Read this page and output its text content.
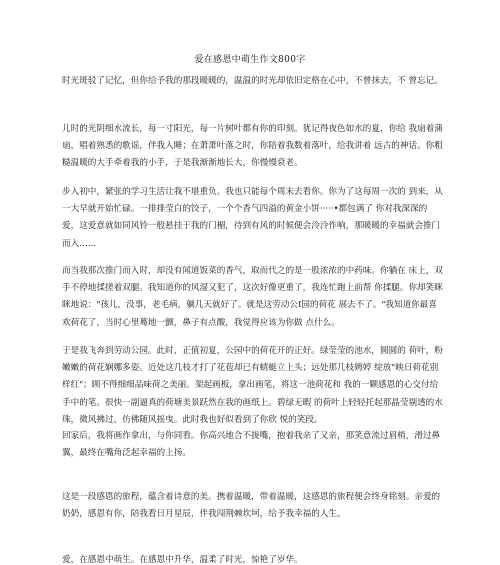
爱在感恩中萌生作文800字

时光斑驳了记忆，但你给予我的那段暖暖的，温温的时光却依旧定格在心中，不曾抹去，不 曾忘记。

儿时的光阴细水流长，每一寸阳光，每一片树叶都有你的印刻。犹记得夜色如水的夏，你给 我扇着蒲扇，唱着熟悉的歌谣，伴我入睡；在萧萧叶落之时，你陪着我数着落叶，给我讲着 远古的神话。你粗糙温暖的大手牵着我的小手，于是我渐渐地长大，你慢慢衰老。

步入初中，紧张的学习生活让我不堪重负。我也只能每个周末去看你。你为了这每周一次的 到来，从一大早就开始忙碌。一排排莹白的饺子，一个个香气四溢的黄金小饼·····•都包满了 你对我深深的爱，这爱意就如同风铃一般悬挂于我的门楣，待到有风的时候便会泠泠作响，那暖暖的幸福就会推门而入……

而当我那次推门而入时，却没有闻道饭菜的香气，取而代之的是一股浓浓的中药味。你躺在 床上，双手不停地揉搓着双腿。我知道你的风湿又犯了，这次好像更重了，我连忙跑上前帮 你揉腿。你却笑眯眯地说："孩儿，没事，老毛病，躺几天就好了。就是这劳动公I园的荷花 展去不了。"我知道你最喜欢荷花了，当时心里蓦地一颤，鼻子有点酸，我觉得应该为你做 点什么。

于是我飞奔到劳动公园。此时，正值初夏，公园中的荷花开的正好。绿莹莹的池水，圆圆的 荷叶，粉嫩嫩的荷花娴娜多姿。近处这几枝才打了花苞却已有蜻蜓立上头；远处那几枝娉婷 绽放"映日荷花别样红"；顾不得细细品味荷之美丽。架起画板，拿出画笔，将这一池荷花和 我的一颗感恩的心交付给手中的笔。很快一副逼真的荷塘美景跃然在我的画纸上。碧绿无暇 的荷叶上轻轻托起那晶莹剔透的水珠，微风拂过，仿佛随风摇曳。此时我也好似看到了你欣 悦的笑段。

回家后，我将画作拿出，与你同看。你高兴地合不拢嘴，抱着我亲了又亲，那笑意流过眉梢，滑过鼻翼，最终在嘴角泛起幸福的上扬。

这是一段感恩的旅程，蕴含着诗意的美。携着温暖，带着温暖，这感恩的旅程便会终身铭刻。亲爱的奶奶，感恩有你，陪我看日月星辰，伴我闯荆棘坎坷，给予我幸福的人生。

爱，在感恩中萌生。在感恩中升华，温柔了时光，惊艳了岁华。
